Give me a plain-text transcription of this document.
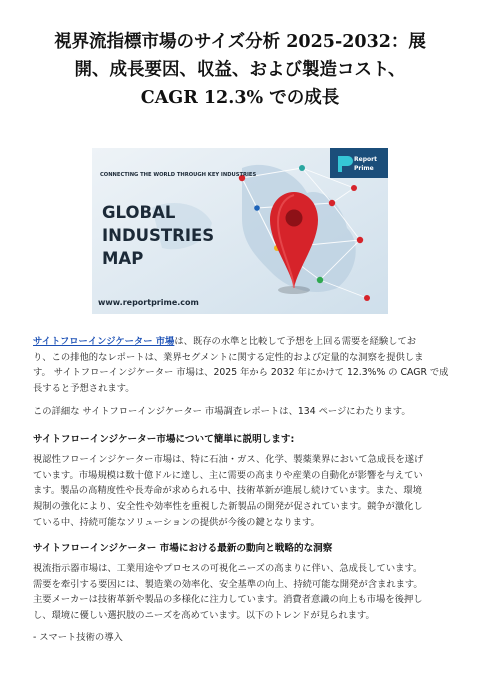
視界流指標市場のサイズ分析 2025-2032：展
開、成長要因、収益、および製造コスト、
CAGR 12.3% での成長
Report
Prime
CONNECTING THE WORLD THROUGH KEY INDUSTRIES
GLOBAL
INDUSTRIES
MAP
www.reportprime.com
サイトフローインジケーター 市場は、既存の水準と比較して予想を上回る需要を経験してお
り、この排他的なレポートは、業界セグメントに関する定性的および定量的な洞察を提供しま
す。 サイトフローインジケーター 市場は、2025 年から 2032 年にかけて 12.3%% の CAGR で成
長すると予想されます。
この詳細な サイトフローインジケーター 市場調査レポートは、134 ページにわたります。
サイトフローインジケーター市場について簡単に説明します:
視認性フローインジケーター市場は、特に石油・ガス、化学、製薬業界において急成長を遂げ
ています。市場規模は数十億ドルに達し、主に需要の高まりや産業の自動化が影響を与えてい
ます。製品の高精度性や長寿命が求められる中、技術革新が進展し続けています。また、環境
規制の強化により、安全性や効率性を重視した新製品の開発が促されています。競争が激化し
ている中、持続可能なソリューションの提供が今後の鍵となります。
サイトフローインジケーター 市場における最新の動向と戦略的な洞察
視流指示器市場は、工業用途やプロセスの可視化ニーズの高まりに伴い、急成長しています。
需要を牽引する要因には、製造業の効率化、安全基準の向上、持続可能な開発が含まれます。
主要メーカーは技術革新や製品の多様化に注力しています。消費者意識の向上も市場を後押し
し、環境に優しい選択肢のニーズを高めています。以下のトレンドが見られます。
- スマート技術の導入
